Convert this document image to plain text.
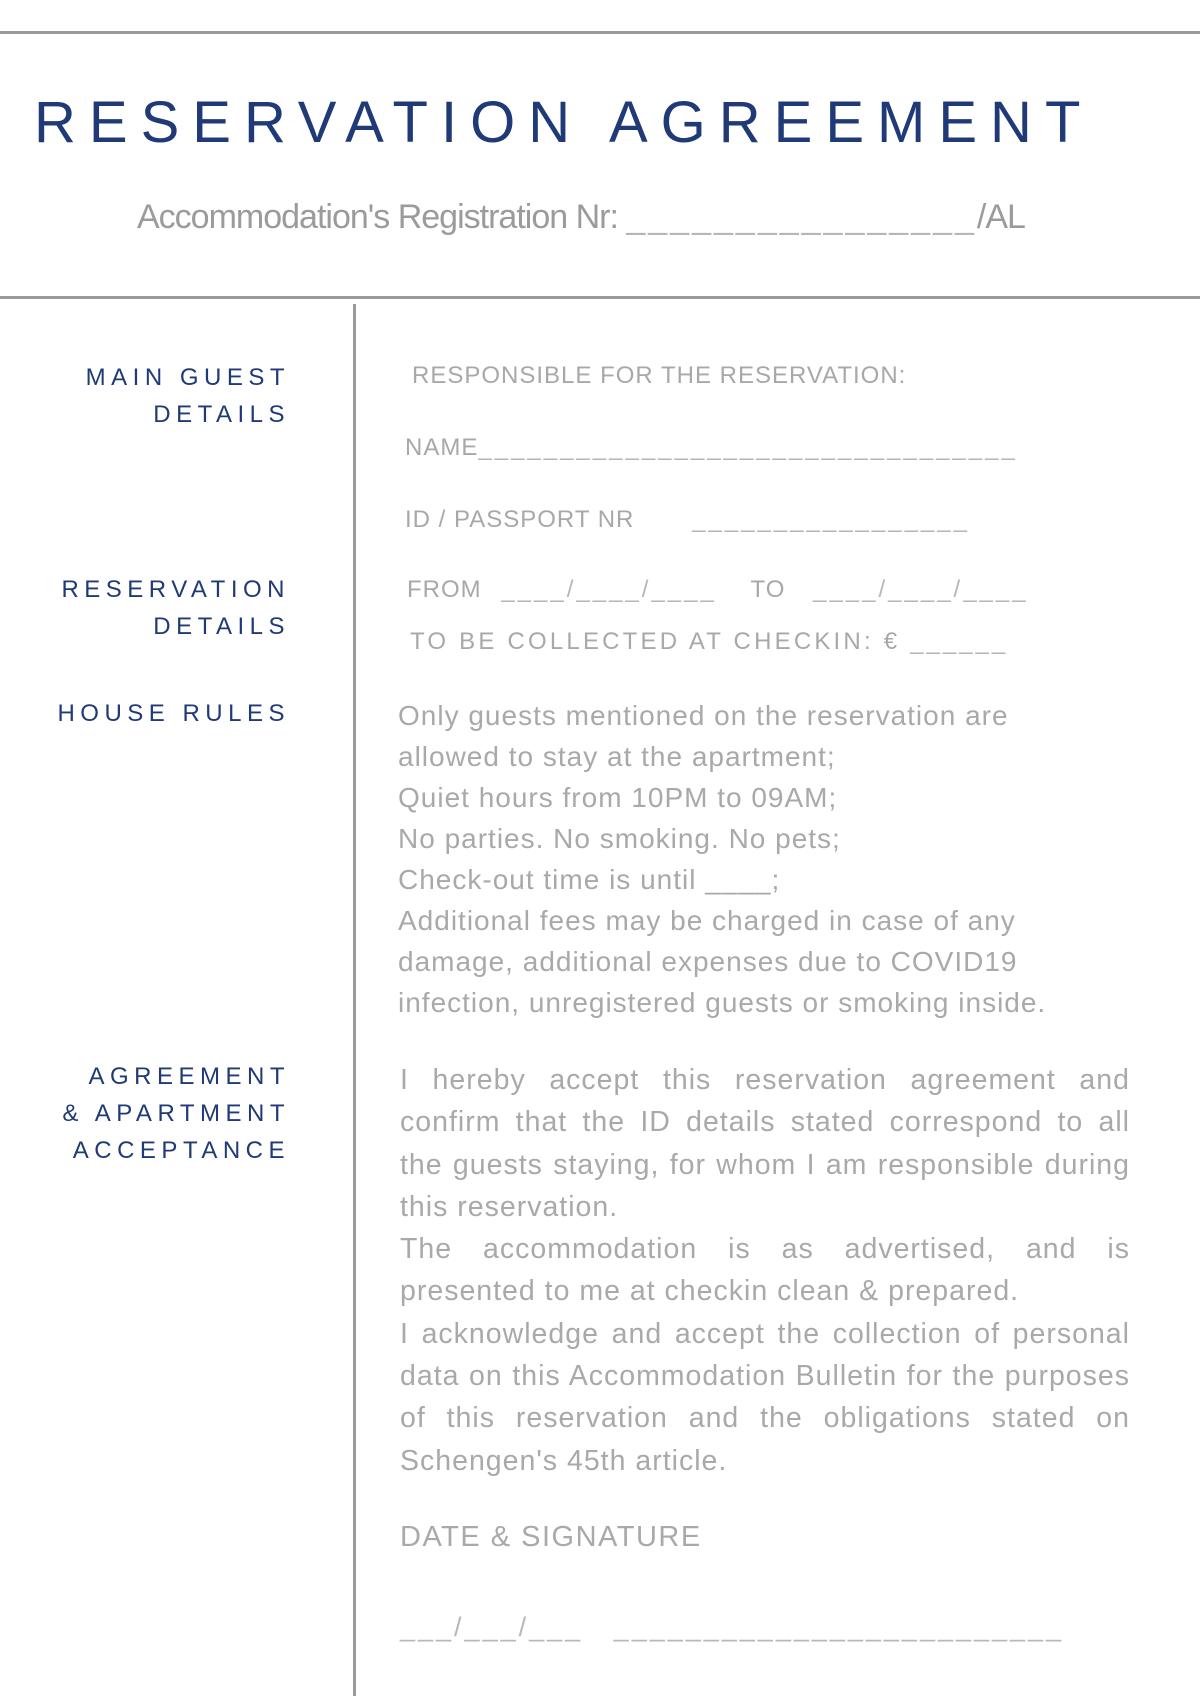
RESERVATION AGREEMENT
Accommodation's Registration Nr: ________________/AL
MAIN GUEST
DETAILS
RESERVATION
DETAILS
HOUSE RULES
AGREEMENT
& APARTMENT
ACCEPTANCE
RESPONSIBLE FOR THE RESERVATION:
NAME_________________________________
ID / PASSPORT NR _________________
FROM ____/____/____ TO ____/____/____
TO BE COLLECTED AT CHECKIN: € ______
Only guests mentioned on the reservation are
allowed to stay at the apartment;
Quiet hours from 10PM to 09AM;
No parties. No smoking. No pets;
Check-out time is until ____;
Additional fees may be charged in case of any
damage, additional expenses due to COVID19
infection, unregistered guests or smoking inside.

I hereby accept this reservation agreement and confirm that the ID details stated correspond to all the guests staying, for whom I am responsible during this reservation.

The accommodation is as advertised, and is presented to me at checkin clean & prepared.

I acknowledge and accept the collection of personal data on this Accommodation Bulletin for the purposes of this reservation and the obligations stated on Schengen's 45th article.

DATE & SIGNATURE
___/___/___ _________________________
